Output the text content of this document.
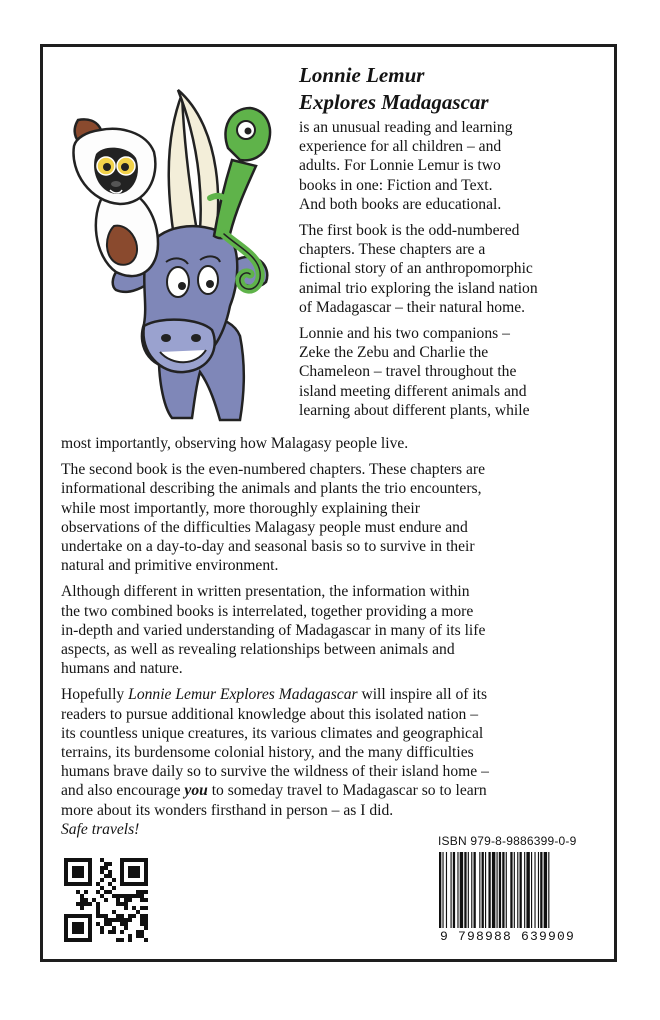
Lonnie Lemur
Explores Madagascar

is an unusual reading and learning

experience for all children – and

adults. For Lonnie Lemur is two

books in one: Fiction and Text.

And both books are educational.

The first book is the odd-numbered

chapters. These chapters are a

fictional story of an anthropomorphic

animal trio exploring the island nation

of Madagascar – their natural home.

Lonnie and his two companions –

Zeke the Zebu and Charlie the

Chameleon – travel throughout the

island meeting different animals and

learning about different plants, while

most importantly, observing how Malagasy people live.

The second book is the even-numbered chapters. These chapters are

informational describing the animals and plants the trio encounters,

while most importantly, more thoroughly explaining their

observations of the difficulties Malagasy people must endure and

undertake on a day-to-day and seasonal basis so to survive in their

natural and primitive environment.

Although different in written presentation, the information within

the two combined books is interrelated, together providing a more

in-depth and varied understanding of Madagascar in many of its life

aspects, as well as revealing relationships between animals and

humans and nature.

Hopefully Lonnie Lemur Explores Madagascar will inspire all of its

readers to pursue additional knowledge about this isolated nation –

its countless unique creatures, its various climates and geographical

terrains, its burdensome colonial history, and the many difficulties

humans brave daily so to survive the wildness of their island home –

and also encourage you to someday travel to Madagascar so to learn

more about its wonders firsthand in person – as I did.

Safe travels!

ISBN 979-8-9886399-0-9
9 798988 639909
